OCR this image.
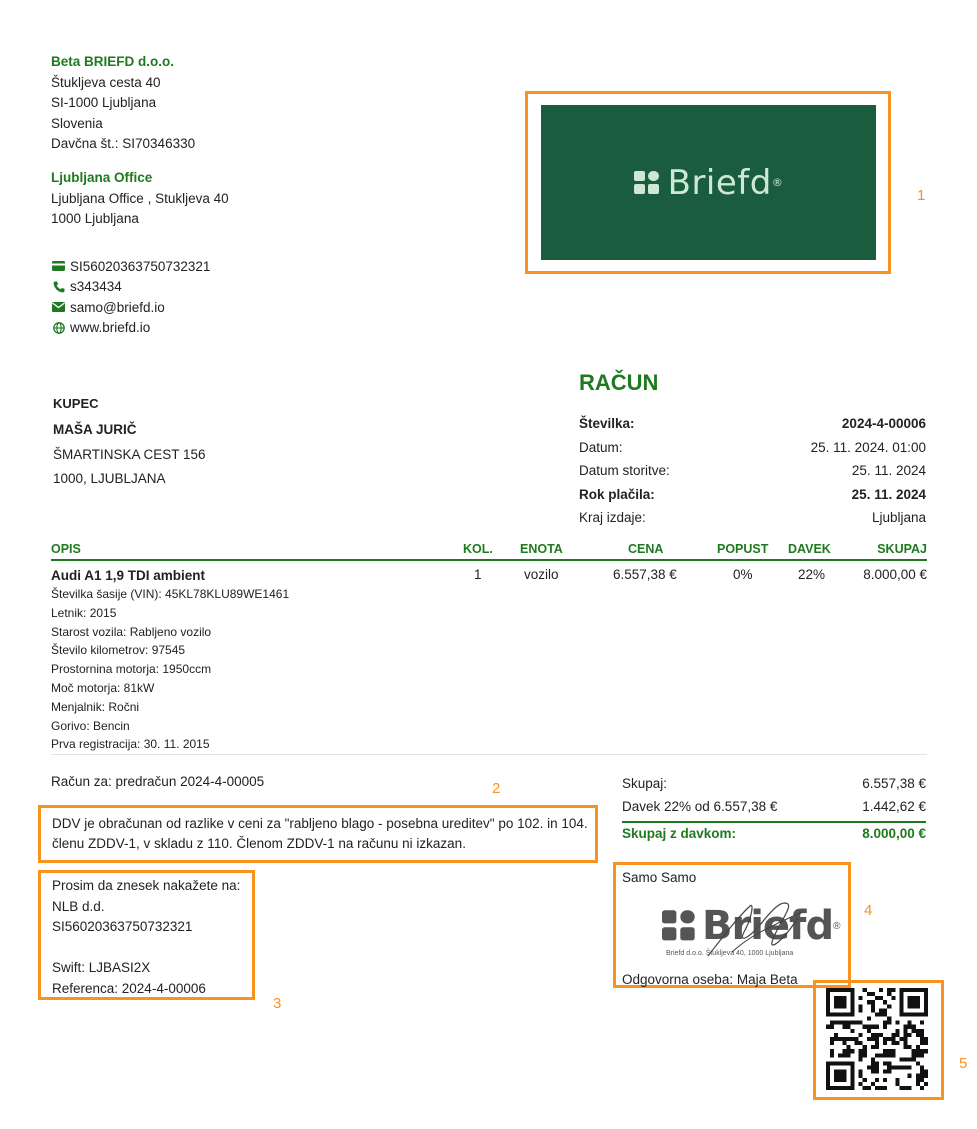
Beta BRIEFD d.o.o.
Štukljeva cesta 40
SI-1000 Ljubljana
Slovenia
Davčna št.: SI70346330
Ljubljana Office
Ljubljana Office , Stukljeva 40
1000 Ljubljana
SI56020363750732321
s343434
samo@briefd.io
www.briefd.io
Briefd ®
1
KUPEC
MAŠA JURIČ
ŠMARTINSKA CEST 156
1000, LJUBLJANA
RAČUN
Številka:	2024-4-00006
Datum:	25. 11. 2024. 01:00
Datum storitve:	25. 11. 2024
Rok plačila:	25. 11. 2024
Kraj izdaje:	Ljubljana
OPIS	KOL. ENOTA	CENA	POPUST DAVEK	SKUPAJ
Audi A1 1,9 TDI ambient
Številka šasije (VIN): 45KL78KLU89WE1461
Letnik: 2015
Starost vozila: Rabljeno vozilo
Število kilometrov: 97545
Prostornina motorja: 1950ccm
Moč motorja: 81kW
Menjalnik: Ročni
Gorivo: Bencin
Prva registracija: 30. 11. 2015
1	vozilo	6.557,38 €	0%	22%	8.000,00 €
Račun za: predračun 2024-4-00005	2	Skupaj:	6.557,38 €
Davek 22% od 6.557,38 €	1.442,62 €
Skupaj z davkom:	8.000,00 €
DDV je obračunan od razlike v ceni za "rabljeno blago - posebna ureditev" po 102. in 104. členu ZDDV-1, v skladu z 110. Členom ZDDV-1 na računu ni izkazan.
Prosim da znesek nakažete na:
NLB d.d.
SI56020363750732321
Swift: LJBASI2X
Referenca: 2024-4-00006
3
Samo Samo
Briefd ®
Briefd d.o.o. Štukljeva 40, 1000 Ljubljana
Odgovorna oseba: Maja Beta
4
5
